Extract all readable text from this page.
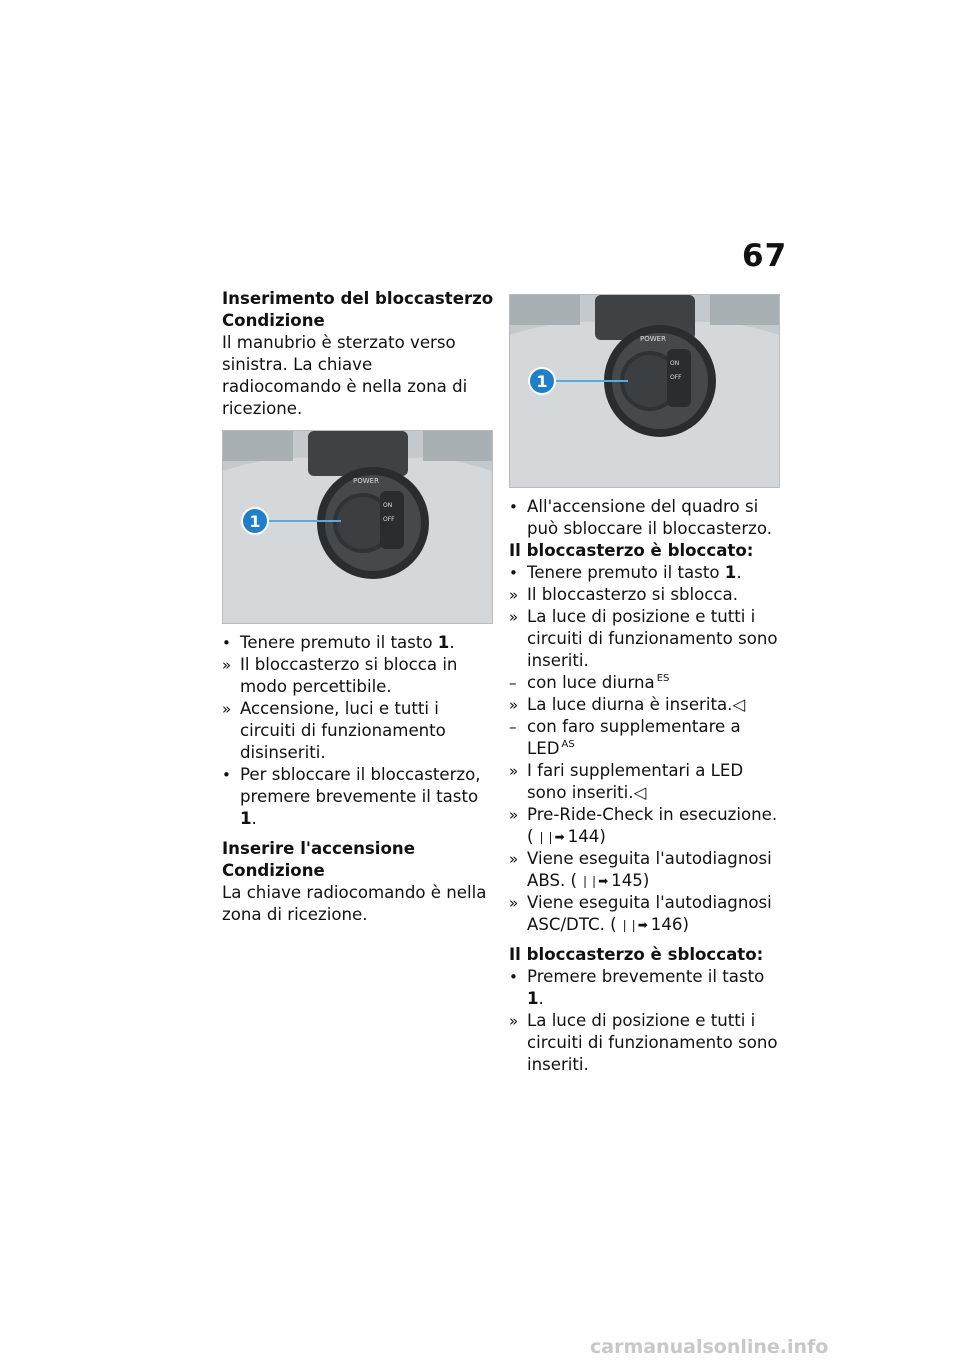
67

Inserimento del bloccasterzo

Condizione

Il manubrio è sterzato verso sinistra. La chiave radiocomando è nella zona di ricezione.

POWER
ON
OFF
1

• Tenere premuto il tasto 1.

» Il bloccasterzo si blocca in modo percettibile.

» Accensione, luci e tutti i circuiti di funzionamento disinseriti.

• Per sbloccare il bloccasterzo, premere brevemente il tasto 1.

Inserire l'accensione

Condizione

La chiave radiocomando è nella zona di ricezione.

POWER
ON
OFF
1

• All'accensione del quadro si può sbloccare il bloccasterzo.

Il bloccasterzo è bloccato:

• Tenere premuto il tasto 1.

» Il bloccasterzo si sblocca.

» La luce di posizione e tutti i circuiti di funzionamento sono inseriti.

– con luce diurna $^{ES}$

» La luce diurna è inserita.◁

– con faro supplementare a LED $^{AS}$

» I fari supplementari a LED sono inseriti.◁

» Pre-Ride-Check in esecuzione. ( ❘❘➡ 144)

» Viene eseguita l'autodiagnosi ABS. ( ❘❘➡ 145)

» Viene eseguita l'autodiagnosi ASC/DTC. ( ❘❘➡ 146)

Il bloccasterzo è sbloccato:

• Premere brevemente il tasto 1.

» La luce di posizione e tutti i circuiti di funzionamento sono inseriti.

carmanualsonline.info
